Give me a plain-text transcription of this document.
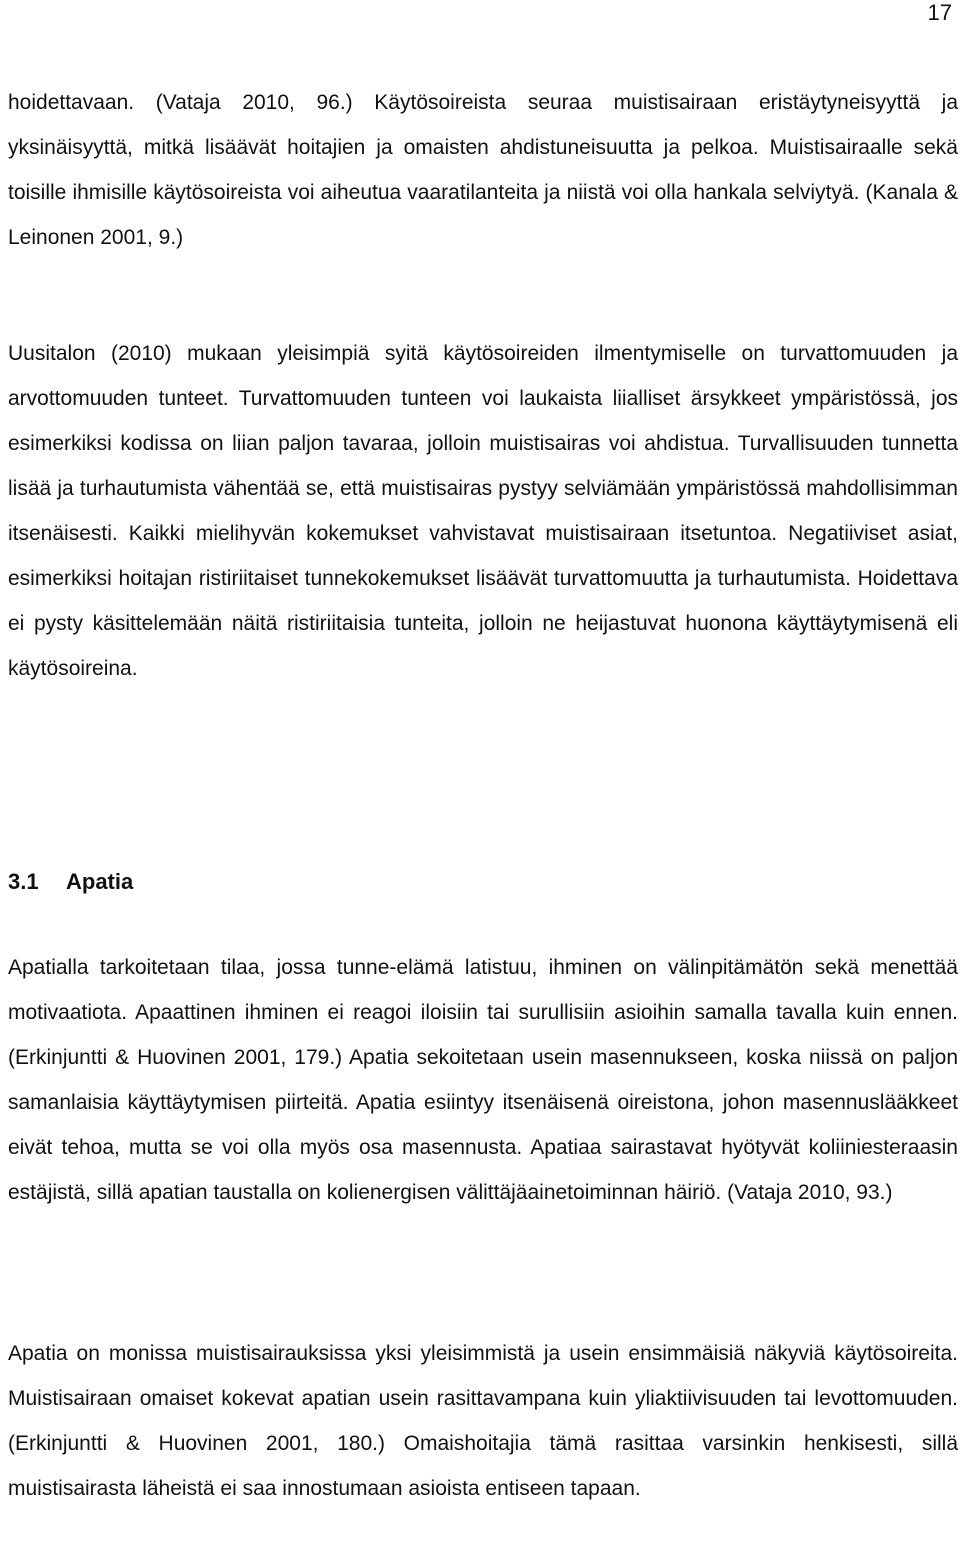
17

hoidettavaan. (Vataja 2010, 96.) Käytösoireista seuraa muistisairaan eristäytyneisyyttä ja yksinäisyyttä, mitkä lisäävät hoitajien ja omaisten ahdistuneisuutta ja pelkoa. Muistisairaalle sekä toisille ihmisille käytösoireista voi aiheutua vaaratilanteita ja niistä voi olla hankala selviytyä. (Kanala & Leinonen 2001, 9.)

Uusitalon (2010) mukaan yleisimpiä syitä käytösoireiden ilmentymiselle on turvattomuuden ja arvottomuuden tunteet. Turvattomuuden tunteen voi laukaista liialliset ärsykkeet ympäristössä, jos esimerkiksi kodissa on liian paljon tavaraa, jolloin muistisairas voi ahdistua. Turvallisuuden tunnetta lisää ja turhautumista vähentää se, että muistisairas pystyy selviämään ympäristössä mahdollisimman itsenäisesti. Kaikki mielihyvän kokemukset vahvistavat muistisairaan itsetuntoa. Negatiiviset asiat, esimerkiksi hoitajan ristiriitaiset tunnekokemukset lisäävät turvattomuutta ja turhautumista. Hoidettava ei pysty käsittelemään näitä ristiriitaisia tunteita, jolloin ne heijastuvat huonona käyttäytymisenä eli käytösoireina.

3.1 Apatia

Apatialla tarkoitetaan tilaa, jossa tunne-elämä latistuu, ihminen on välinpitämätön sekä menettää motivaatiota. Apaattinen ihminen ei reagoi iloisiin tai surullisiin asioihin samalla tavalla kuin ennen. (Erkinjuntti & Huovinen 2001, 179.) Apatia sekoitetaan usein masennukseen, koska niissä on paljon samanlaisia käyttäytymisen piirteitä. Apatia esiintyy itsenäisenä oireistona, johon masennuslääkkeet eivät tehoa, mutta se voi olla myös osa masennusta. Apatiaa sairastavat hyötyvät koliiniesteraasin estäjistä, sillä apatian taustalla on kolienergisen välittäjäainetoiminnan häiriö. (Vataja 2010, 93.)

Apatia on monissa muistisairauksissa yksi yleisimmistä ja usein ensimmäisiä näkyviä käytösoireita. Muistisairaan omaiset kokevat apatian usein rasittavampana kuin yliaktiivisuuden tai levottomuuden. (Erkinjuntti & Huovinen 2001, 180.) Omaishoitajia tämä rasittaa varsinkin henkisesti, sillä muistisairasta läheistä ei saa innostumaan asioista entiseen tapaan.
